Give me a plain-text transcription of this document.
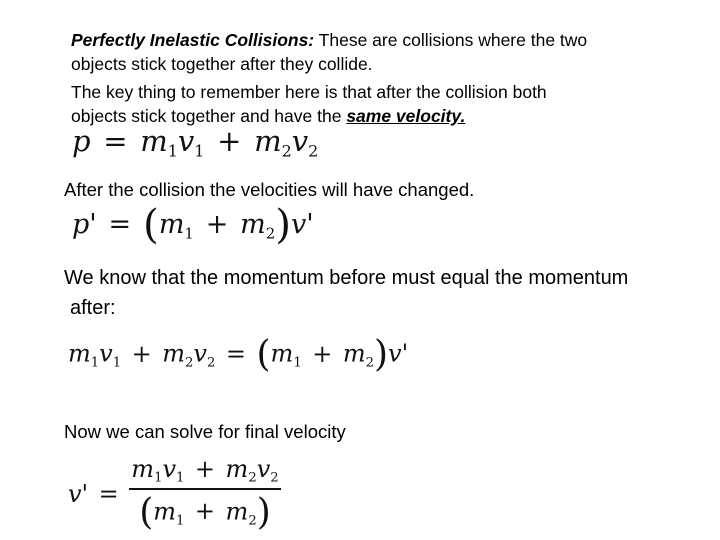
Perfectly Inelastic Collisions: These are collisions where the two
objects stick together after they collide.
The key thing to remember here is that after the collision both
objects stick together and have the same velocity.
$p = m_1v_1 + m_2v_2$
After the collision the velocities will have changed.
$p' = (m_1 + m_2)v'$
We know that the momentum before must equal the momentum
after:
$m_1v_1 + m_2v_2 = (m_1 + m_2)v'$
Now we can solve for final velocity
$v' = \frac{m_1v_1 + m_2v_2}{(m_1 + m_2)}$
